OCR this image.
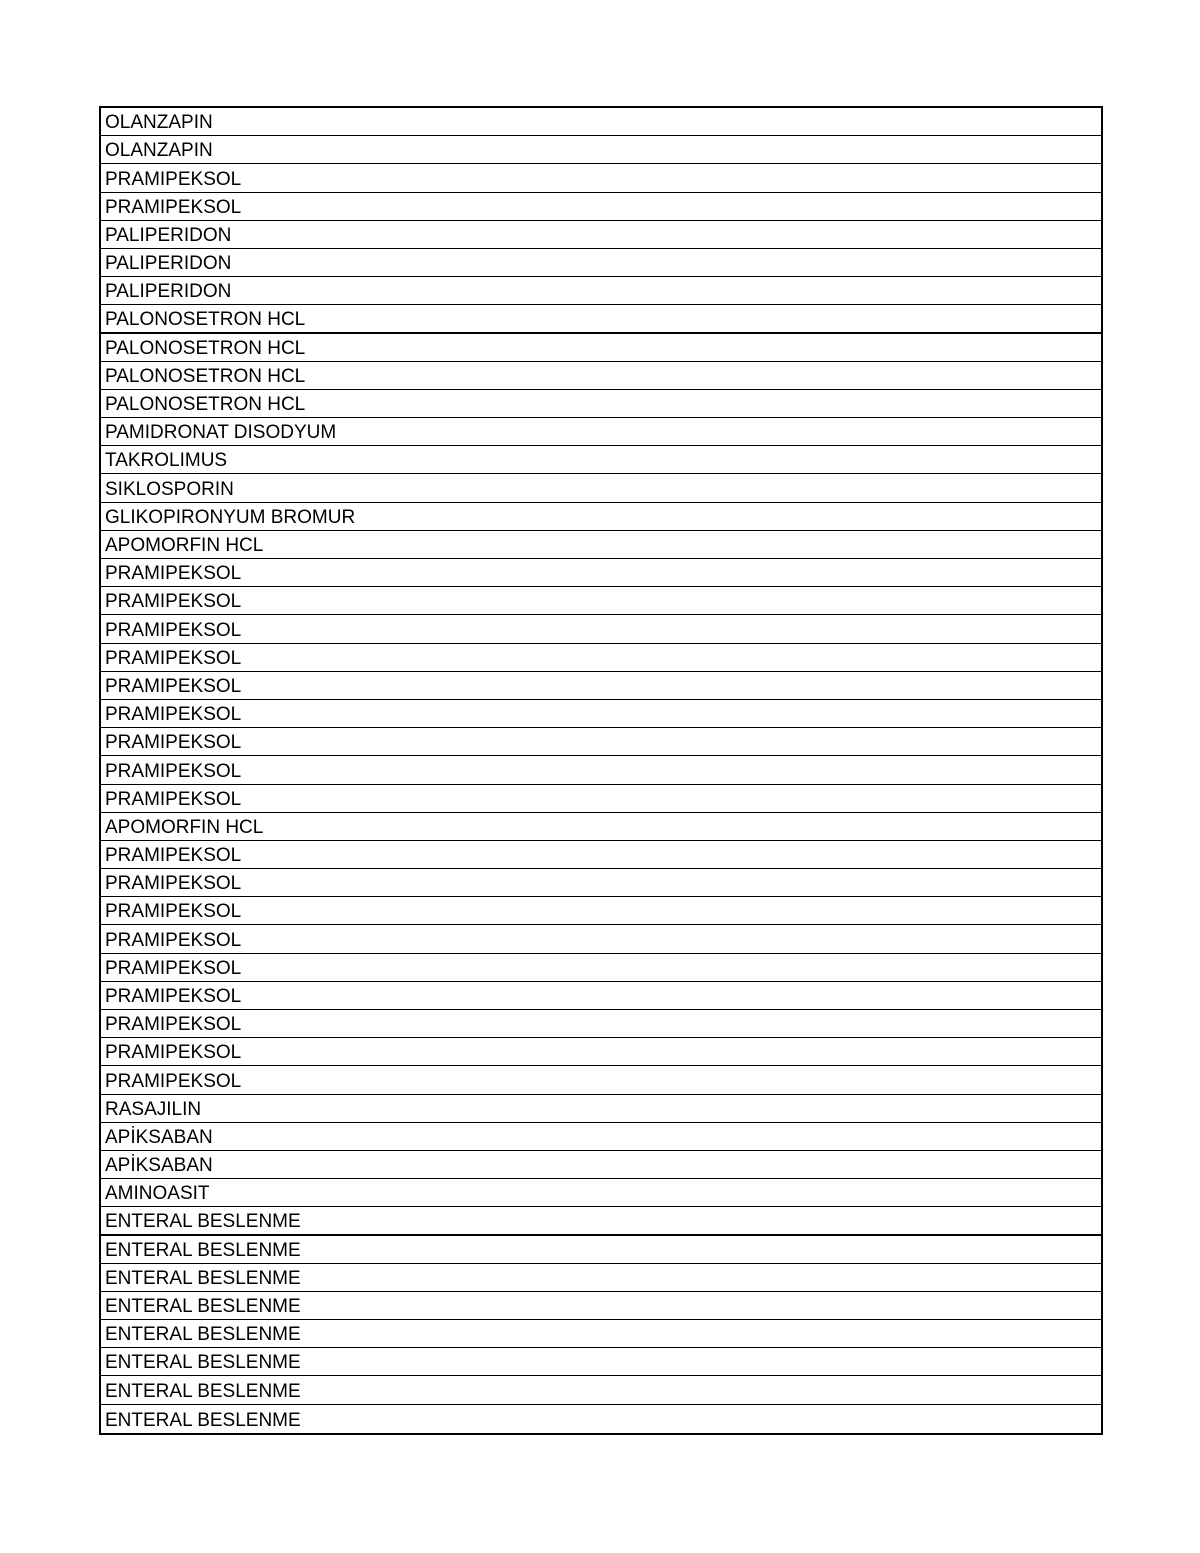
OLANZAPIN
OLANZAPIN
PRAMIPEKSOL
PRAMIPEKSOL
PALIPERIDON
PALIPERIDON
PALIPERIDON
PALONOSETRON HCL
PALONOSETRON HCL
PALONOSETRON HCL
PALONOSETRON HCL
PAMIDRONAT DISODYUM
TAKROLIMUS
SIKLOSPORIN
GLIKOPIRONYUM BROMUR
APOMORFIN HCL
PRAMIPEKSOL
PRAMIPEKSOL
PRAMIPEKSOL
PRAMIPEKSOL
PRAMIPEKSOL
PRAMIPEKSOL
PRAMIPEKSOL
PRAMIPEKSOL
PRAMIPEKSOL
APOMORFIN HCL
PRAMIPEKSOL
PRAMIPEKSOL
PRAMIPEKSOL
PRAMIPEKSOL
PRAMIPEKSOL
PRAMIPEKSOL
PRAMIPEKSOL
PRAMIPEKSOL
PRAMIPEKSOL
RASAJILIN
APİKSABAN
APİKSABAN
AMINOASIT
ENTERAL BESLENME
ENTERAL BESLENME
ENTERAL BESLENME
ENTERAL BESLENME
ENTERAL BESLENME
ENTERAL BESLENME
ENTERAL BESLENME
ENTERAL BESLENME
